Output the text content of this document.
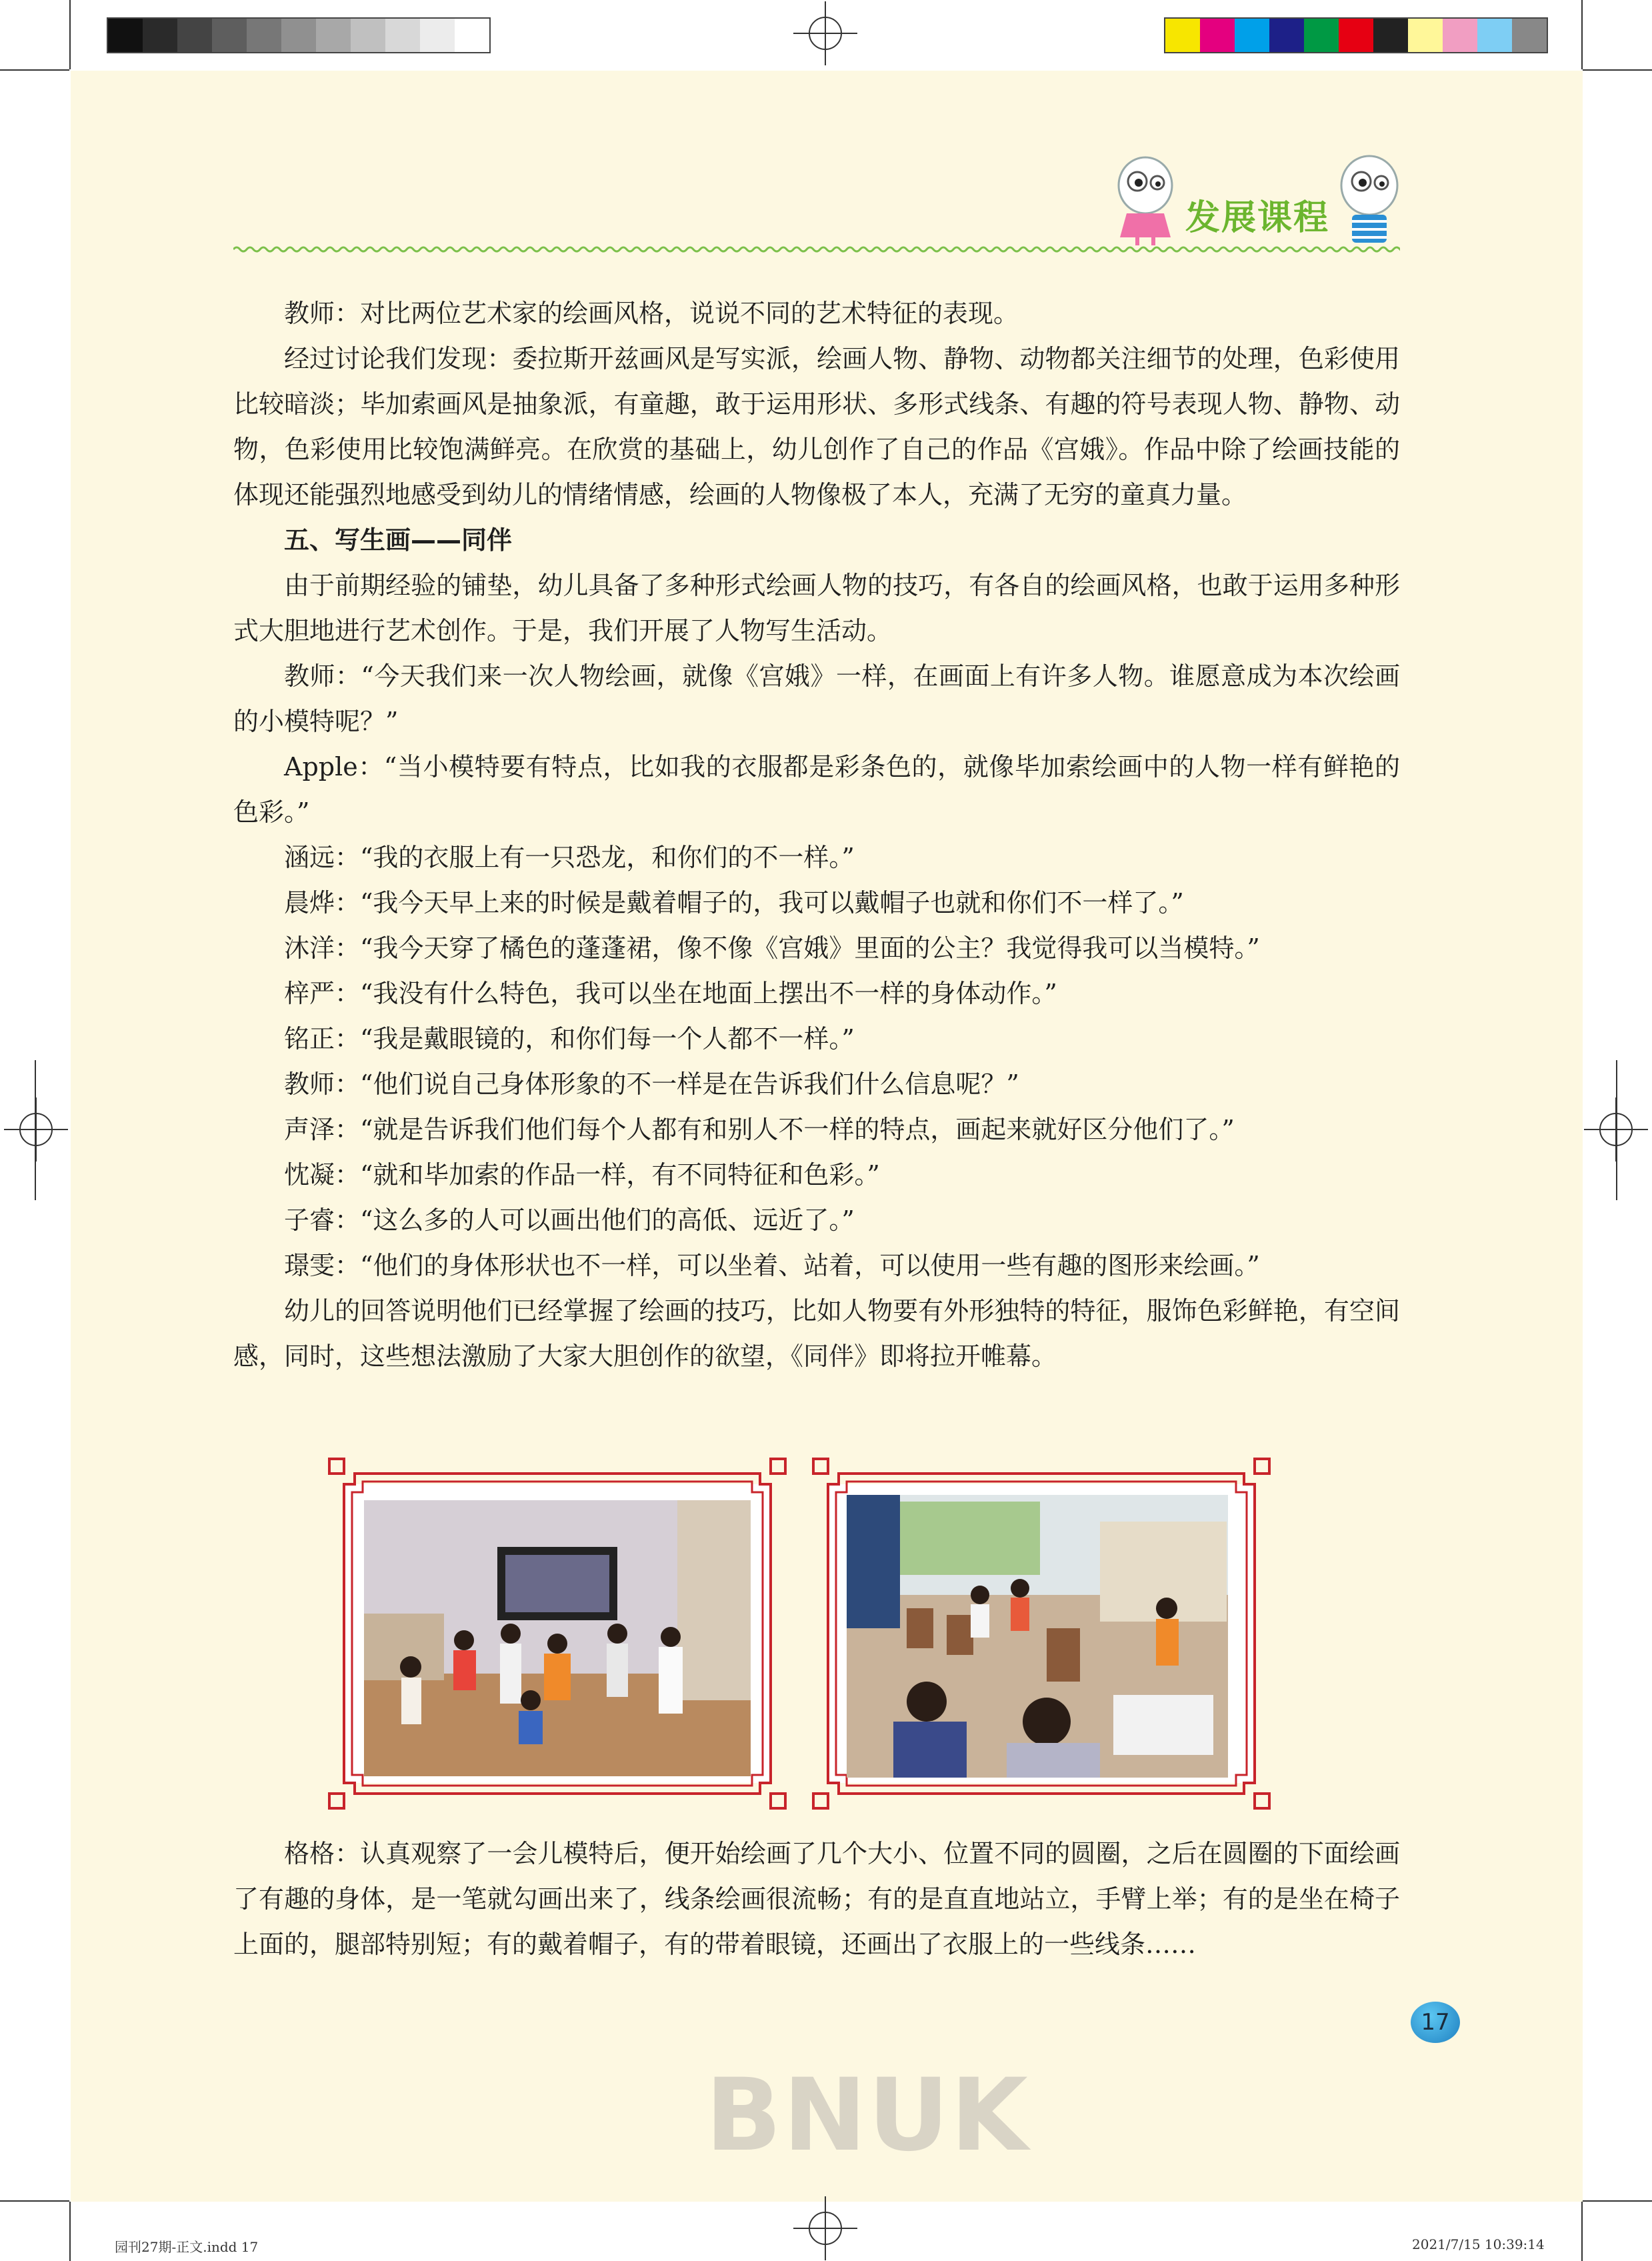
发展课程

教师：对比两位艺术家的绘画风格，说说不同的艺术特征的表现。

经过讨论我们发现：委拉斯开兹画风是写实派，绘画人物、静物、动物都关注细节的处理，色彩使用比较暗淡；毕加索画风是抽象派，有童趣，敢于运用形状、多形式线条、有趣的符号表现人物、静物、动物，色彩使用比较饱满鲜亮。在欣赏的基础上，幼儿创作了自己的作品《宫娥》。作品中除了绘画技能的体现还能强烈地感受到幼儿的情绪情感，绘画的人物像极了本人，充满了无穷的童真力量。

五、写生画——同伴

由于前期经验的铺垫，幼儿具备了多种形式绘画人物的技巧，有各自的绘画风格，也敢于运用多种形式大胆地进行艺术创作。于是，我们开展了人物写生活动。

教师：“今天我们来一次人物绘画，就像《宫娥》一样，在画面上有许多人物。谁愿意成为本次绘画的小模特呢？”

Apple：“当小模特要有特点，比如我的衣服都是彩条色的，就像毕加索绘画中的人物一样有鲜艳的色彩。”

涵远：“我的衣服上有一只恐龙，和你们的不一样。”

晨烨：“我今天早上来的时候是戴着帽子的，我可以戴帽子也就和你们不一样了。”

沐洋：“我今天穿了橘色的蓬蓬裙，像不像《宫娥》里面的公主？我觉得我可以当模特。”

梓严：“我没有什么特色，我可以坐在地面上摆出不一样的身体动作。”

铭正：“我是戴眼镜的，和你们每一个人都不一样。”

教师：“他们说自己身体形象的不一样是在告诉我们什么信息呢？”

声泽：“就是告诉我们他们每个人都有和别人不一样的特点，画起来就好区分他们了。”

忱凝：“就和毕加索的作品一样，有不同特征和色彩。”

子睿：“这么多的人可以画出他们的高低、远近了。”

璟雯：“他们的身体形状也不一样，可以坐着、站着，可以使用一些有趣的图形来绘画。”

幼儿的回答说明他们已经掌握了绘画的技巧，比如人物要有外形独特的特征，服饰色彩鲜艳，有空间感，同时，这些想法激励了大家大胆创作的欲望，《同伴》即将拉开帷幕。

格格：认真观察了一会儿模特后，便开始绘画了几个大小、位置不同的圆圈，之后在圆圈的下面绘画了有趣的身体，是一笔就勾画出来了，线条绘画很流畅；有的是直直地站立，手臂上举；有的是坐在椅子上面的，腿部特别短；有的戴着帽子，有的带着眼镜，还画出了衣服上的一些线条……

17
BNUK
园刊27期-正文.indd 17	2021/7/15 10:39:14
